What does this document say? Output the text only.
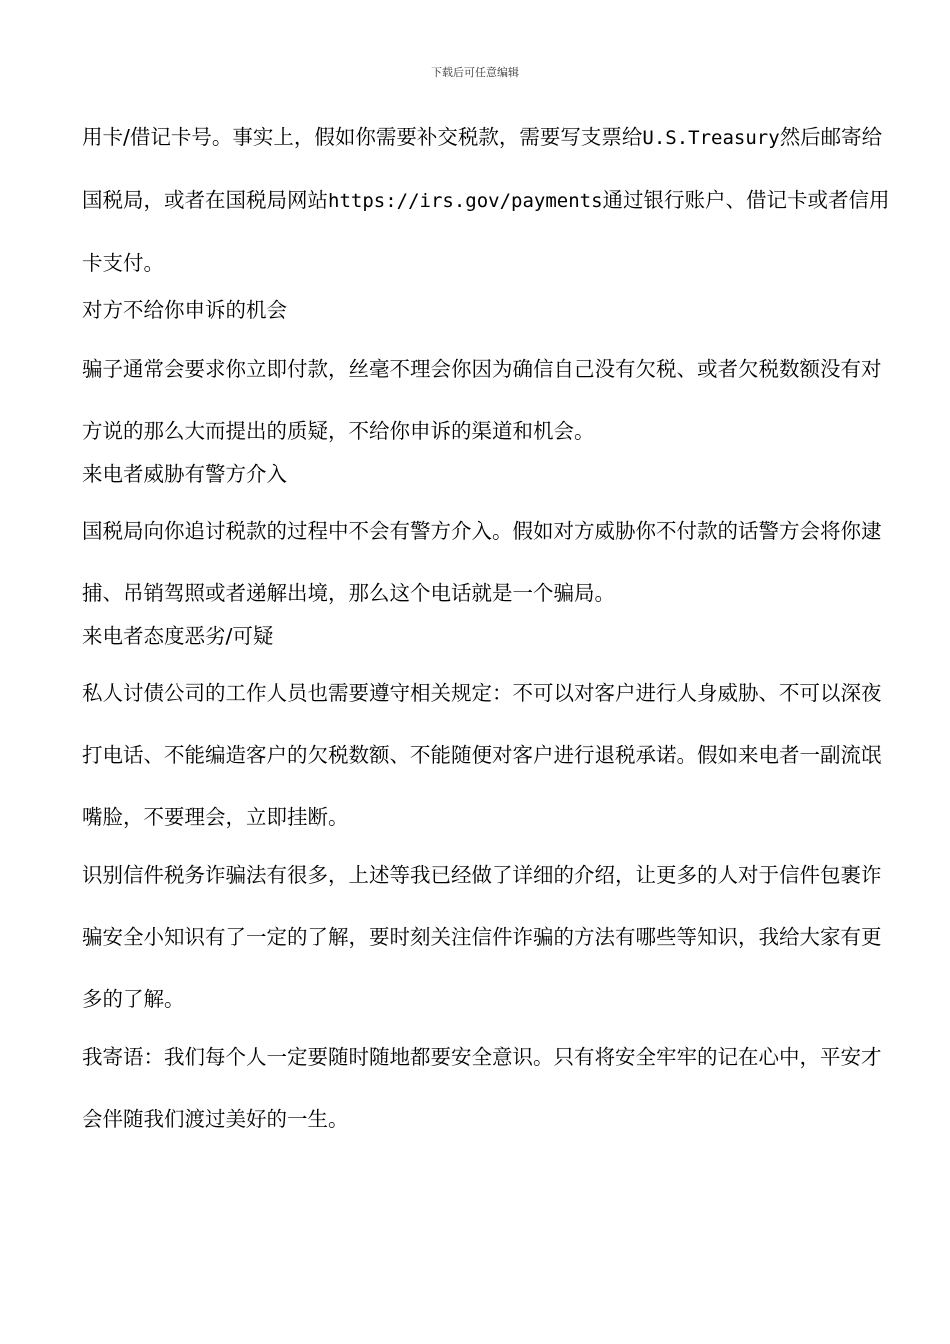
下载后可任意编辑

用卡/借记卡号。事实上，假如你需要补交税款，需要写支票给U.S.Treasury然后邮寄给国税局，或者在国税局网站https://irs.gov/payments通过银行账户、借记卡或者信用卡支付。

对方不给你申诉的机会

骗子通常会要求你立即付款，丝毫不理会你因为确信自己没有欠税、或者欠税数额没有对方说的那么大而提出的质疑，不给你申诉的渠道和机会。

来电者威胁有警方介入

国税局向你追讨税款的过程中不会有警方介入。假如对方威胁你不付款的话警方会将你逮捕、吊销驾照或者递解出境，那么这个电话就是一个骗局。

来电者态度恶劣/可疑

私人讨债公司的工作人员也需要遵守相关规定：不可以对客户进行人身威胁、不可以深夜打电话、不能编造客户的欠税数额、不能随便对客户进行退税承诺。假如来电者一副流氓嘴脸，不要理会，立即挂断。

识别信件税务诈骗法有很多，上述等我已经做了详细的介绍，让更多的人对于信件包裹诈骗安全小知识有了一定的了解，要时刻关注信件诈骗的方法有哪些等知识，我给大家有更多的了解。

我寄语：我们每个人一定要随时随地都要安全意识。只有将安全牢牢的记在心中，平安才会伴随我们渡过美好的一生。
